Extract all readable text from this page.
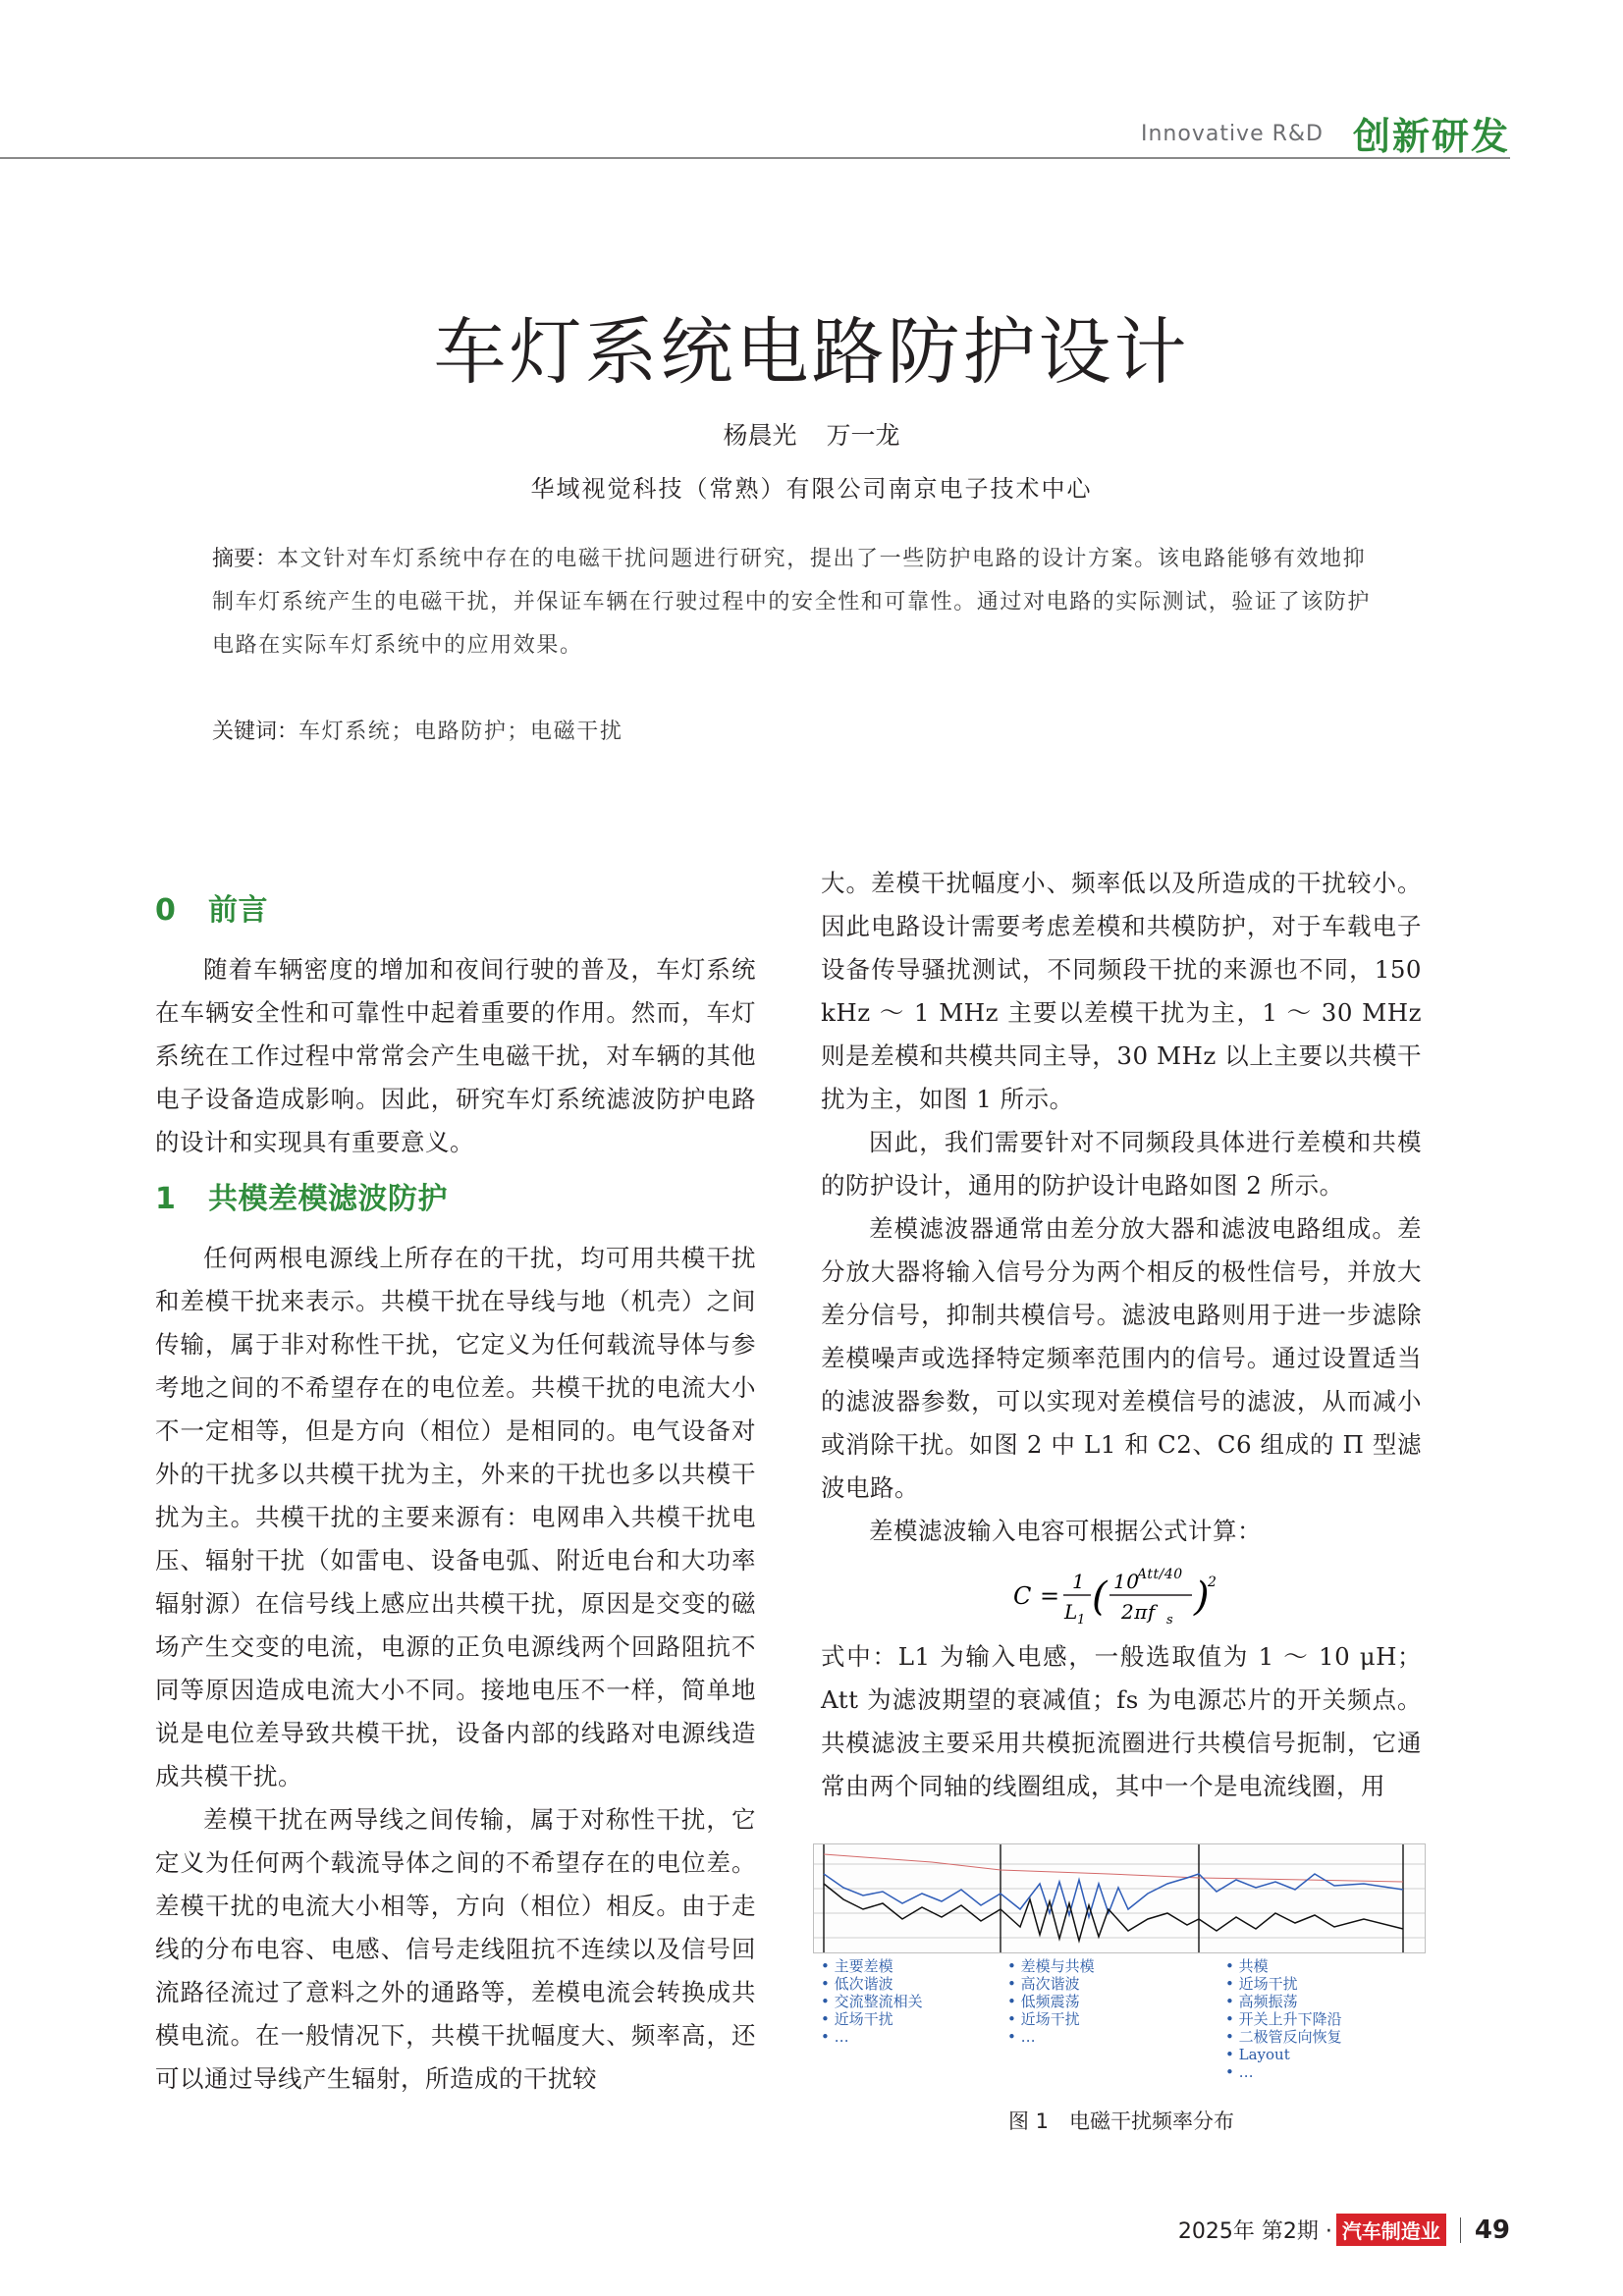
Innovative R&D 创新研发
车灯系统电路防护设计
杨晨光 万一龙
华域视觉科技（常熟）有限公司南京电子技术中心
摘要：本文针对车灯系统中存在的电磁干扰问题进行研究，提出了一些防护电路的设计方案。该电路能够有效地抑制车灯系统产生的电磁干扰，并保证车辆在行驶过程中的安全性和可靠性。通过对电路的实际测试，验证了该防护电路在实际车灯系统中的应用效果。
关键词：车灯系统；电路防护；电磁干扰
0 前言

随着车辆密度的增加和夜间行驶的普及，车灯系统在车辆安全性和可靠性中起着重要的作用。然而，车灯系统在工作过程中常常会产生电磁干扰，对车辆的其他电子设备造成影响。因此，研究车灯系统滤波防护电路的设计和实现具有重要意义。

1 共模差模滤波防护

任何两根电源线上所存在的干扰，均可用共模干扰和差模干扰来表示。共模干扰在导线与地（机壳）之间传输，属于非对称性干扰，它定义为任何载流导体与参考地之间的不希望存在的电位差。共模干扰的电流大小不一定相等，但是方向（相位）是相同的。电气设备对外的干扰多以共模干扰为主，外来的干扰也多以共模干扰为主。共模干扰的主要来源有：电网串入共模干扰电压、辐射干扰（如雷电、设备电弧、附近电台和大功率辐射源）在信号线上感应出共模干扰，原因是交变的磁场产生交变的电流，电源的正负电源线两个回路阻抗不同等原因造成电流大小不同。接地电压不一样，简单地说是电位差导致共模干扰，设备内部的线路对电源线造成共模干扰。

差模干扰在两导线之间传输，属于对称性干扰，它定义为任何两个载流导体之间的不希望存在的电位差。差模干扰的电流大小相等，方向（相位）相反。由于走线的分布电容、电感、信号走线阻抗不连续以及信号回流路径流过了意料之外的通路等，差模电流会转换成共模电流。在一般情况下，共模干扰幅度大、频率高，还可以通过导线产生辐射，所造成的干扰较

大。差模干扰幅度小、频率低以及所造成的干扰较小。因此电路设计需要考虑差模和共模防护，对于车载电子设备传导骚扰测试，不同频段干扰的来源也不同，150 kHz ～ 1 MHz 主要以差模干扰为主，1 ～ 30 MHz 则是差模和共模共同主导，30 MHz 以上主要以共模干扰为主，如图 1 所示。

因此，我们需要针对不同频段具体进行差模和共模的防护设计，通用的防护设计电路如图 2 所示。

差模滤波器通常由差分放大器和滤波电路组成。差分放大器将输入信号分为两个相反的极性信号，并放大差分信号，抑制共模信号。滤波电路则用于进一步滤除差模噪声或选择特定频率范围内的信号。通过设置适当的滤波器参数，可以实现对差模信号的滤波，从而减小或消除干扰。如图 2 中 L1 和 C2、C6 组成的 Π 型滤波电路。

差模滤波输入电容可根据公式计算：

C =
1
L 1
( 10
Att/40
2πf s
)
2

式中：L1 为输入电感，一般选取值为 1 ～ 10 μH；Att 为滤波期望的衰减值；fs 为电源芯片的开关频点。共模滤波主要采用共模扼流圈进行共模信号扼制，它通常由两个同轴的线圈组成，其中一个是电流线圈，用

• 主要差模
• 低次谐波
• 交流整流相关
• 近场干扰
• …
• 差模与共模
• 高次谐波
• 低频震荡
• 近场干扰
• …
• 共模
• 近场干扰
• 高频振荡
• 开关上升下降沿
• 二极管反向恢复
• Layout
• …
图 1　电磁干扰频率分布
2025年 第2期 · 汽车制造业 49
